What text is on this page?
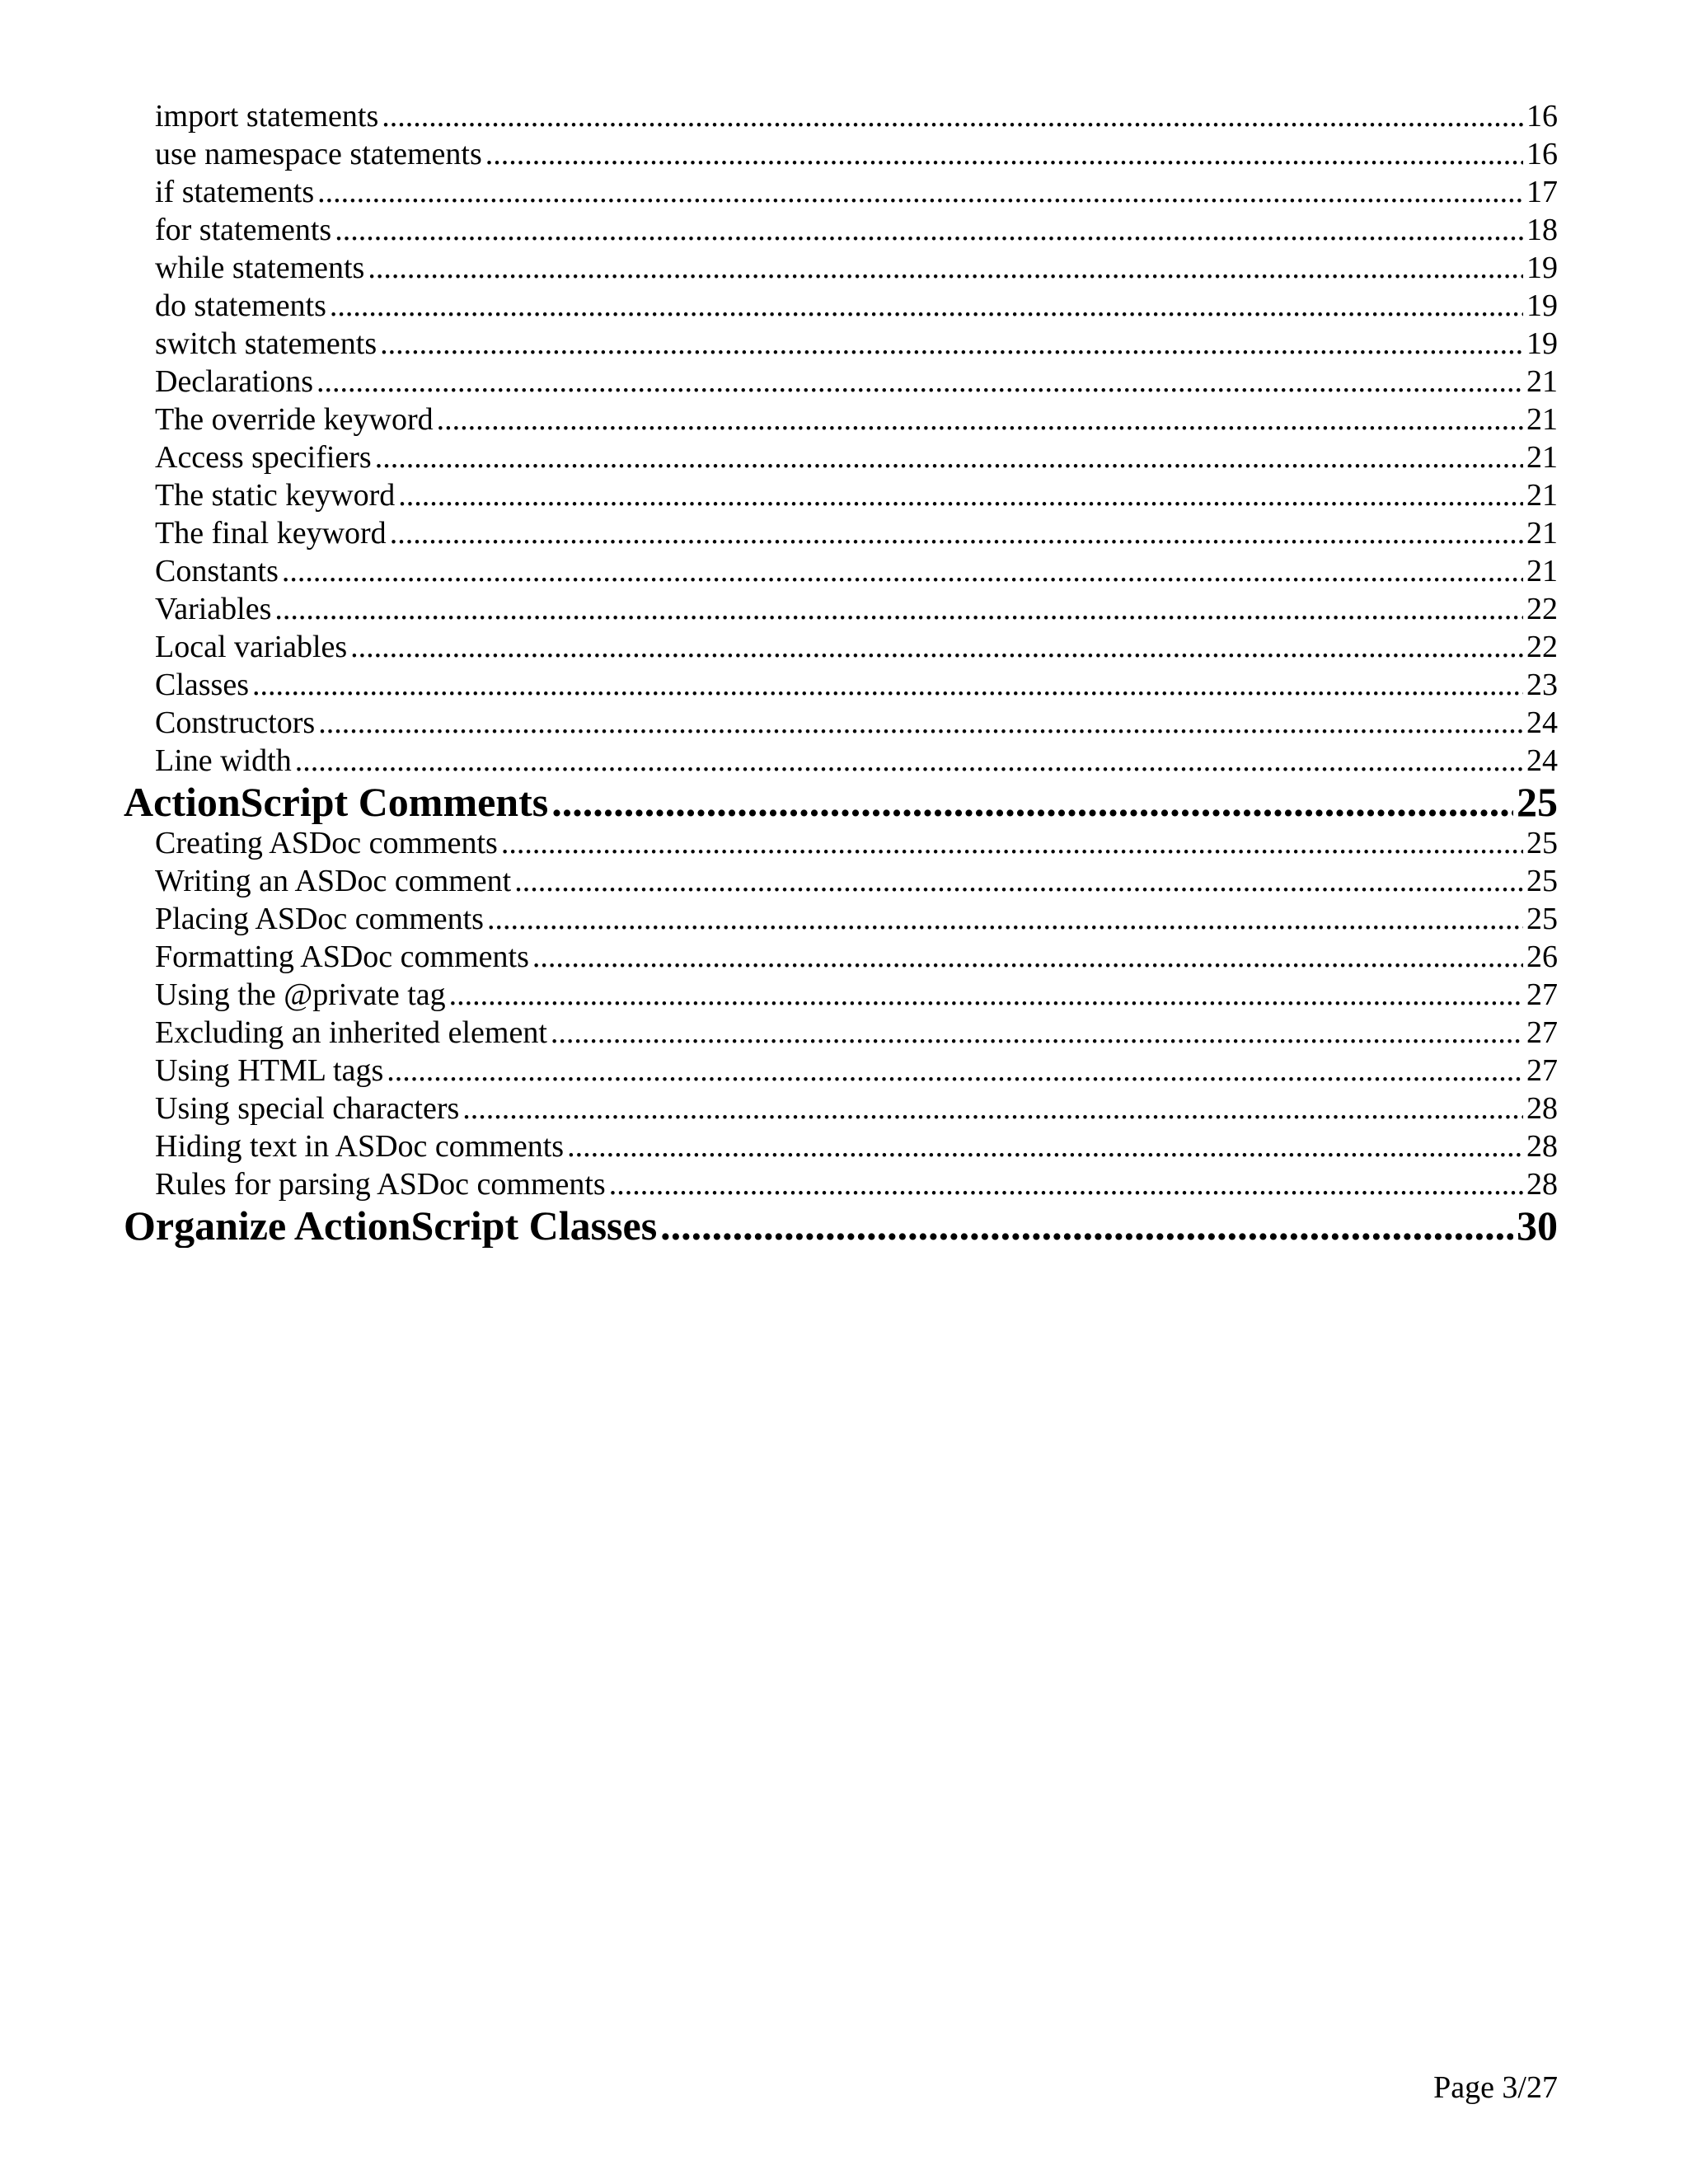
import statements .....	16
use namespace statements .....	16
if statements .....	17
for statements .....	18
while statements .....	19
do statements .....	19
switch statements .....	19
Declarations .....	21
The override keyword .....	21
Access specifiers .....	21
The static keyword .....	21
The final keyword .....	21
Constants .....	21
Variables .....	22
Local variables .....	22
Classes .....	23
Constructors .....	24
Line width .....	24
ActionScript Comments .....	25
Creating ASDoc comments .....	25
Writing an ASDoc comment .....	25
Placing ASDoc comments .....	25
Formatting ASDoc comments .....	26
Using the @private tag .....	27
Excluding an inherited element .....	27
Using HTML tags .....	27
Using special characters .....	28
Hiding text in ASDoc comments .....	28
Rules for parsing ASDoc comments .....	28
Organize ActionScript Classes .....	30
Page 3/27
